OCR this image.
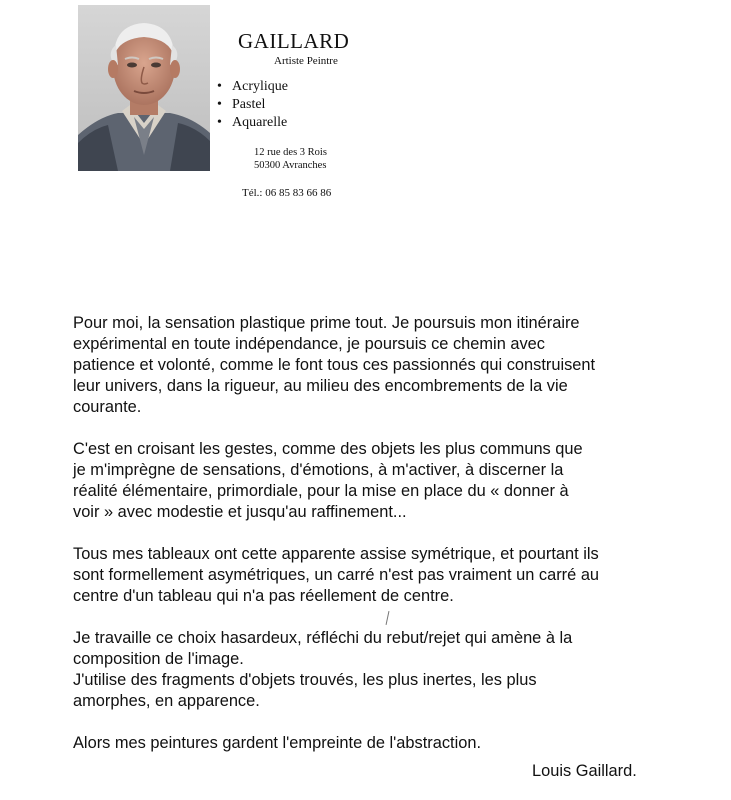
GAILLARD
Artiste Peintre
• Acrylique
• Pastel
• Aquarelle
12 rue des 3 Rois
50300 Avranches
Tél.: 06 85 83 66 86

Pour moi, la sensation plastique prime tout. Je poursuis mon itinéraire

expérimental en toute indépendance, je poursuis ce chemin avec

patience et volonté, comme le font tous ces passionnés qui construisent

leur univers, dans la rigueur, au milieu des encombrements de la vie

courante.

C'est en croisant les gestes, comme des objets les plus communs que

je m'imprègne de sensations, d'émotions, à m'activer, à discerner la

réalité élémentaire, primordiale, pour la mise en place du « donner à

voir » avec modestie et jusqu'au raffinement...

Tous mes tableaux ont cette apparente assise symétrique, et pourtant ils

sont formellement asymétriques, un carré n'est pas vraiment un carré au

centre d'un tableau qui n'a pas réellement de centre.

Je travaille ce choix hasardeux, réfléchi du rebut/rejet qui amène à la

composition de l'image.

J'utilise des fragments d'objets trouvés, les plus inertes, les plus

amorphes, en apparence.

Alors mes peintures gardent l'empreinte de l'abstraction.

Louis Gaillard.
